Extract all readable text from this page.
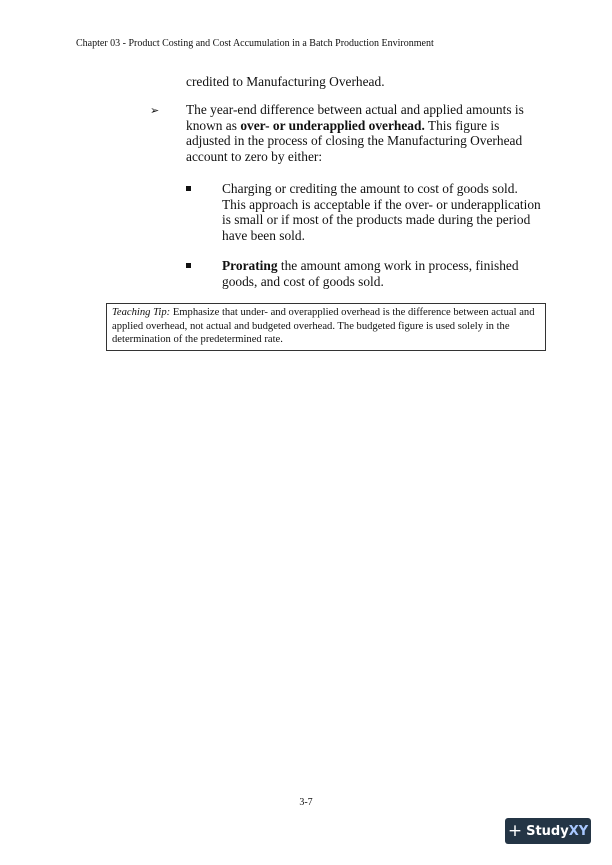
Chapter 03 - Product Costing and Cost Accumulation in a Batch Production Environment
credited to Manufacturing Overhead.
➢ The year-end difference between actual and applied amounts is known as over- or underapplied overhead. This figure is adjusted in the process of closing the Manufacturing Overhead account to zero by either:
Charging or crediting the amount to cost of goods sold. This approach is acceptable if the over- or underapplication is small or if most of the products made during the period have been sold.
Prorating the amount among work in process, finished goods, and cost of goods sold.
Teaching Tip: Emphasize that under- and overapplied overhead is the difference between actual and applied overhead, not actual and budgeted overhead. The budgeted figure is used solely in the determination of the predetermined rate.
3-7
+ Study XY
